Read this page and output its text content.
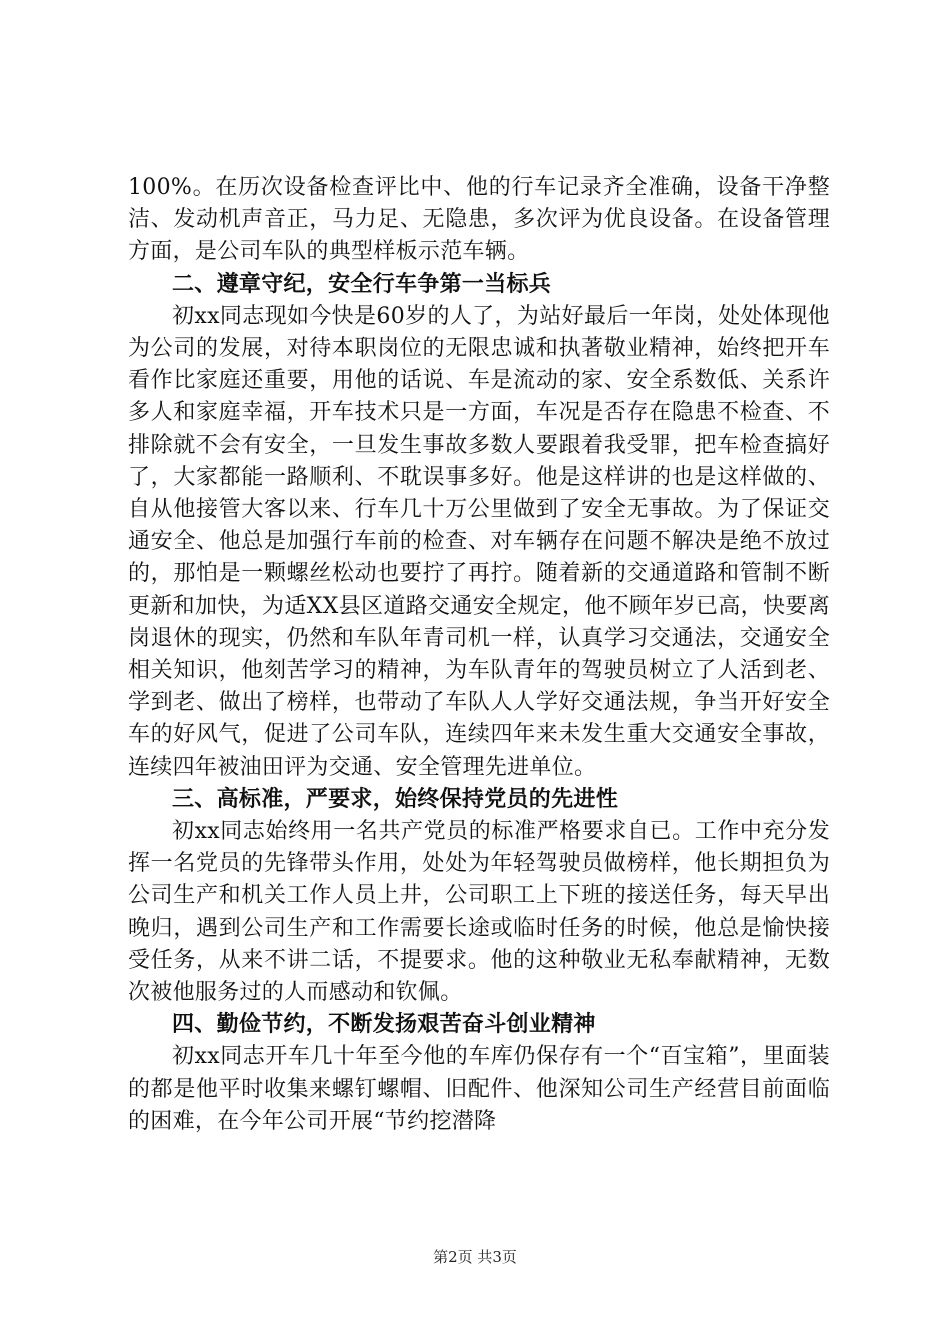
100%。在历次设备检查评比中、他的行车记录齐全准确，设备干净整洁、发动机声音正，马力足、无隐患，多次评为优良设备。在设备管理方面，是公司车队的典型样板示范车辆。

二、遵章守纪，安全行车争第一当标兵

初xx同志现如今快是60岁的人了，为站好最后一年岗，处处体现他为公司的发展，对待本职岗位的无限忠诚和执著敬业精神，始终把开车看作比家庭还重要，用他的话说、车是流动的家、安全系数低、关系许多人和家庭幸福，开车技术只是一方面，车况是否存在隐患不检查、不排除就不会有安全，一旦发生事故多数人要跟着我受罪，把车检查搞好了，大家都能一路顺利、不耽误事多好。他是这样讲的也是这样做的、自从他接管大客以来、行车几十万公里做到了安全无事故。为了保证交通安全、他总是加强行车前的检查、对车辆存在问题不解决是绝不放过的，那怕是一颗螺丝松动也要拧了再拧。随着新的交通道路和管制不断更新和加快，为适XX县区道路交通安全规定，他不顾年岁已高，快要离岗退休的现实，仍然和车队年青司机一样，认真学习交通法，交通安全相关知识，他刻苦学习的精神，为车队青年的驾驶员树立了人活到老、学到老、做出了榜样，也带动了车队人人学好交通法规，争当开好安全车的好风气，促进了公司车队，连续四年来未发生重大交通安全事故，连续四年被油田评为交通、安全管理先进单位。

三、高标准，严要求，始终保持党员的先进性

初xx同志始终用一名共产党员的标准严格要求自已。工作中充分发挥一名党员的先锋带头作用，处处为年轻驾驶员做榜样，他长期担负为公司生产和机关工作人员上井，公司职工上下班的接送任务，每天早出晚归，遇到公司生产和工作需要长途或临时任务的时候，他总是愉快接受任务，从来不讲二话，不提要求。他的这种敬业无私奉献精神，无数次被他服务过的人而感动和钦佩。

四、勤俭节约，不断发扬艰苦奋斗创业精神

初xx同志开车几十年至今他的车库仍保存有一个“百宝箱”，里面装的都是他平时收集来螺钉螺帽、旧配件、他深知公司生产经营目前面临的困难，在今年公司开展“节约挖潜降

第2页 共3页
